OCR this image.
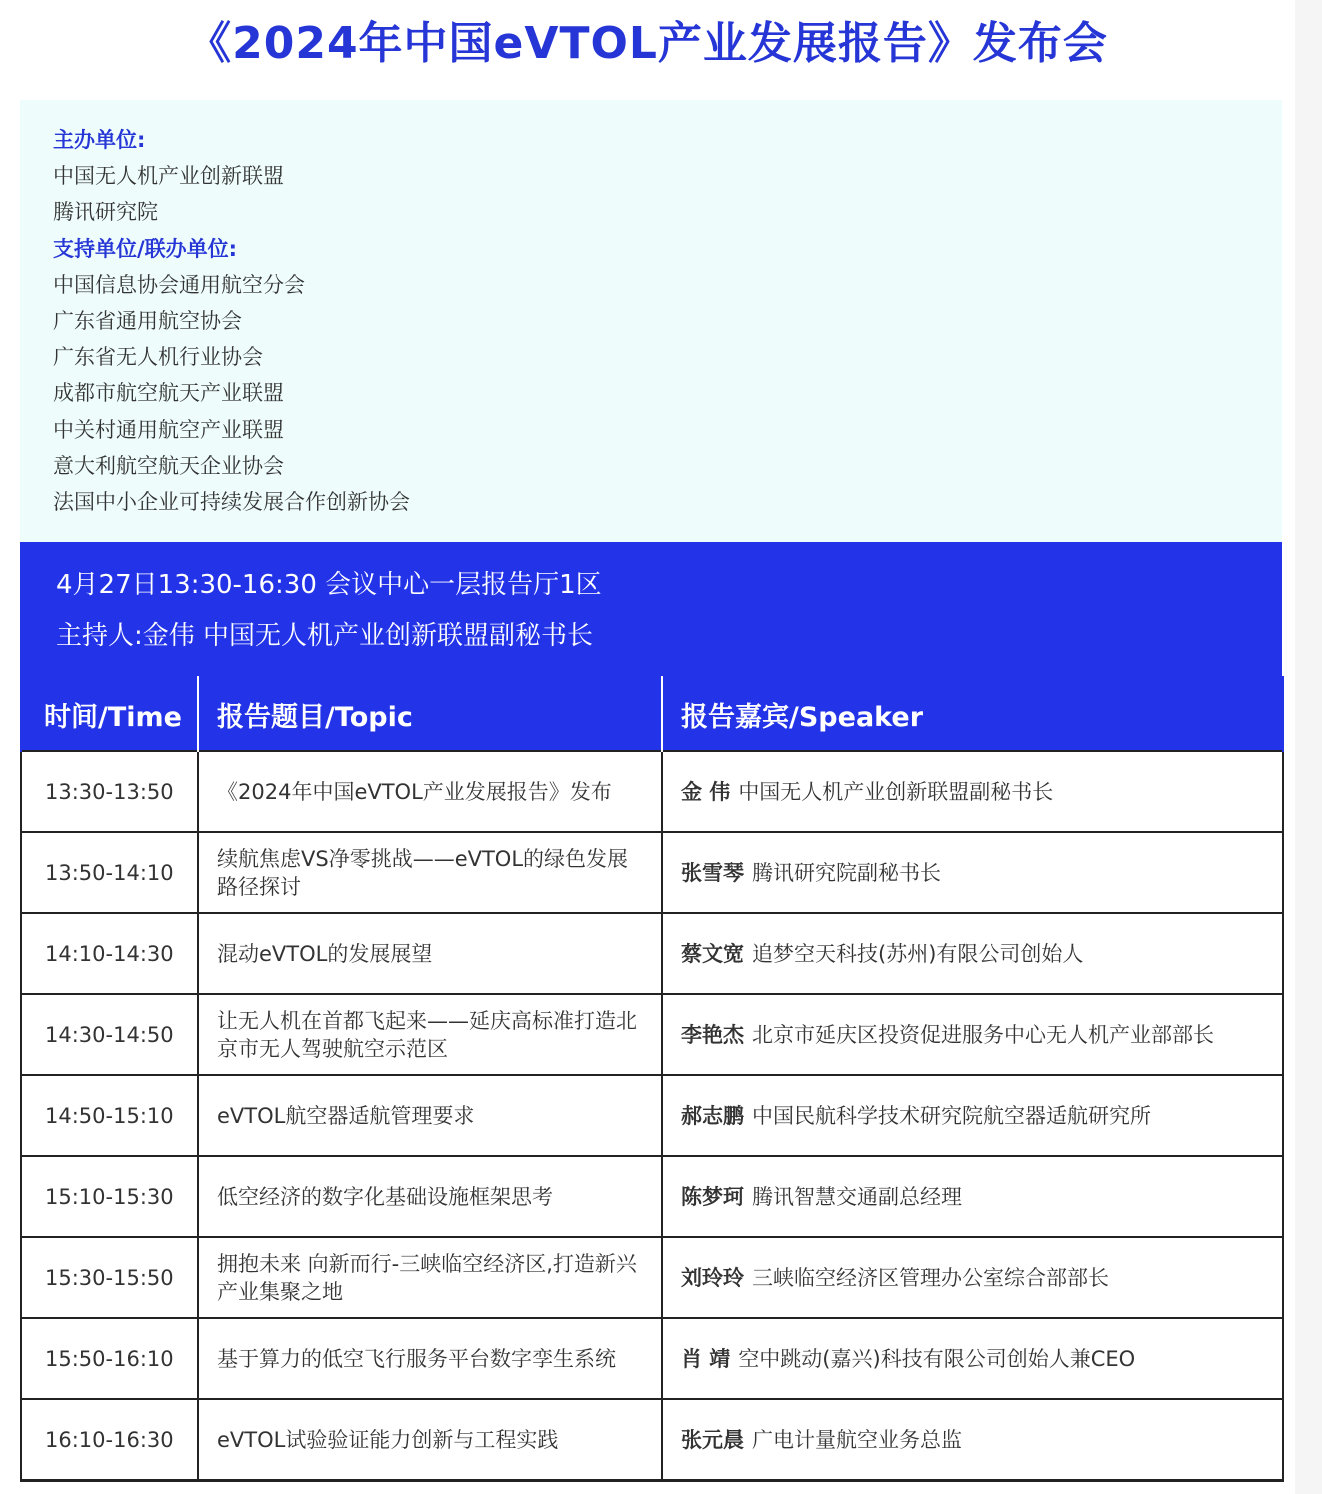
《2024年中国eVTOL产业发展报告》发布会
主办单位:
中国无人机产业创新联盟
腾讯研究院
支持单位/联办单位:
中国信息协会通用航空分会
广东省通用航空协会
广东省无人机行业协会
成都市航空航天产业联盟
中关村通用航空产业联盟
意大利航空航天企业协会
法国中小企业可持续发展合作创新协会
4月27日13:30-16:30 会议中心一层报告厅1区
主持人:金伟 中国无人机产业创新联盟副秘书长
时间/Time	报告题目/Topic	报告嘉宾/Speaker
13:30-13:50	《2024年中国eVTOL产业发展报告》发布	金 伟 中国无人机产业创新联盟副秘书长
13:50-14:10	续航焦虑VS净零挑战——eVTOL的绿色发展路径探讨	张雪琴 腾讯研究院副秘书长
14:10-14:30	混动eVTOL的发展展望	蔡文宽 追梦空天科技(苏州)有限公司创始人
14:30-14:50	让无人机在首都飞起来——延庆高标准打造北京市无人驾驶航空示范区	李艳杰 北京市延庆区投资促进服务中心无人机产业部部长
14:50-15:10	eVTOL航空器适航管理要求	郝志鹏 中国民航科学技术研究院航空器适航研究所
15:10-15:30	低空经济的数字化基础设施框架思考	陈梦珂 腾讯智慧交通副总经理
15:30-15:50	拥抱未来 向新而行-三峡临空经济区,打造新兴产业集聚之地	刘玲玲 三峡临空经济区管理办公室综合部部长
15:50-16:10	基于算力的低空飞行服务平台数字孪生系统	肖 靖 空中跳动(嘉兴)科技有限公司创始人兼CEO
16:10-16:30	eVTOL试验验证能力创新与工程实践	张元晨 广电计量航空业务总监
